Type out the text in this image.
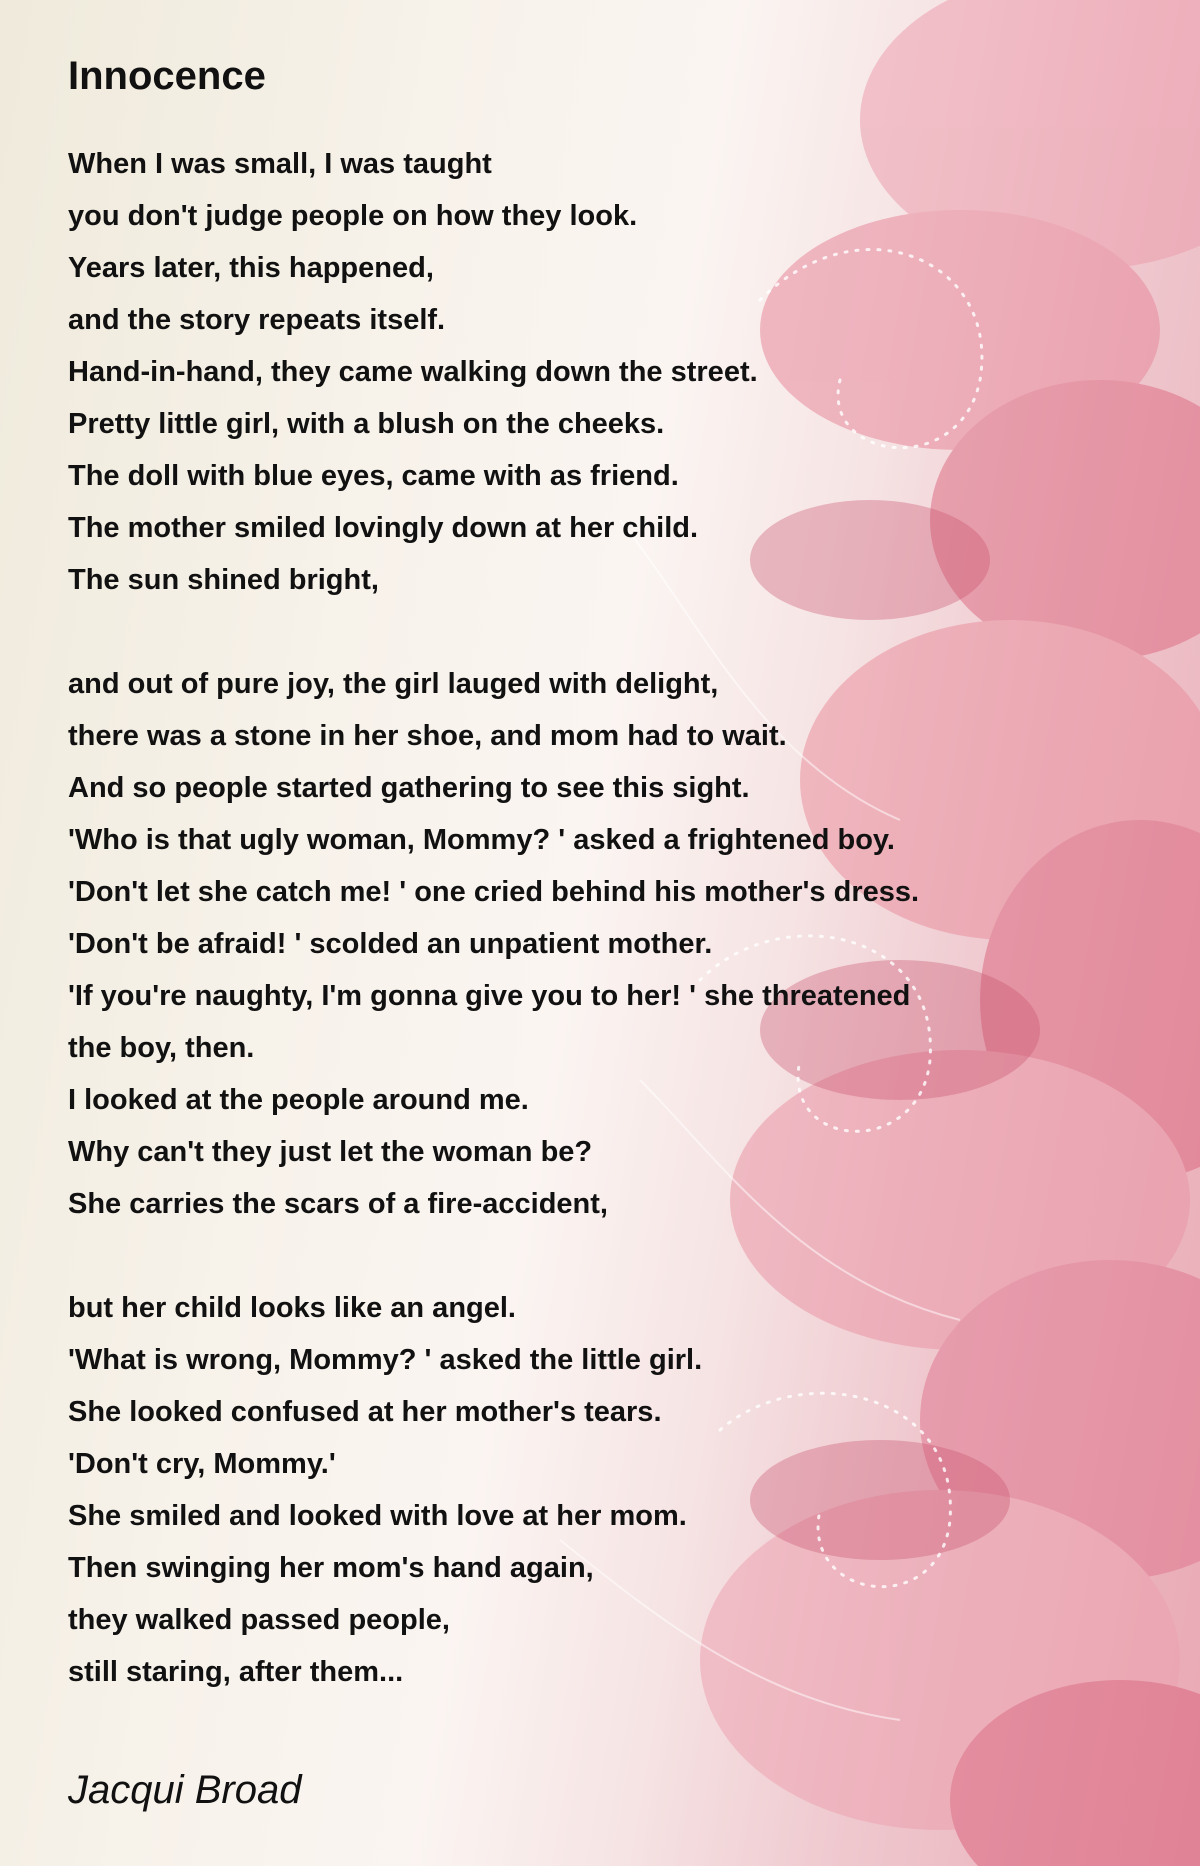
Innocence
When I was small, I was taught
you don't judge people on how they look.
Years later, this happened,
and the story repeats itself.
Hand-in-hand, they came walking down the street.
Pretty little girl, with a blush on the cheeks.
The doll with blue eyes, came with as friend.
The mother smiled lovingly down at her child.
The sun shined bright,
and out of pure joy, the girl lauged with delight,
there was a stone in her shoe, and mom had to wait.
And so people started gathering to see this sight.
'Who is that ugly woman, Mommy? ' asked a frightened boy.
'Don't let she catch me! ' one cried behind his mother's dress.
'Don't be afraid! ' scolded an unpatient mother.
'If you're naughty, I'm gonna give you to her! ' she threatened
the boy, then.
I looked at the people around me.
Why can't they just let the woman be?
She carries the scars of a fire-accident,
but her child looks like an angel.
'What is wrong, Mommy? ' asked the little girl.
She looked confused at her mother's tears.
'Don't cry, Mommy.'
She smiled and looked with love at her mom.
Then swinging her mom's hand again,
they walked passed people,
still staring, after them...
Jacqui Broad
